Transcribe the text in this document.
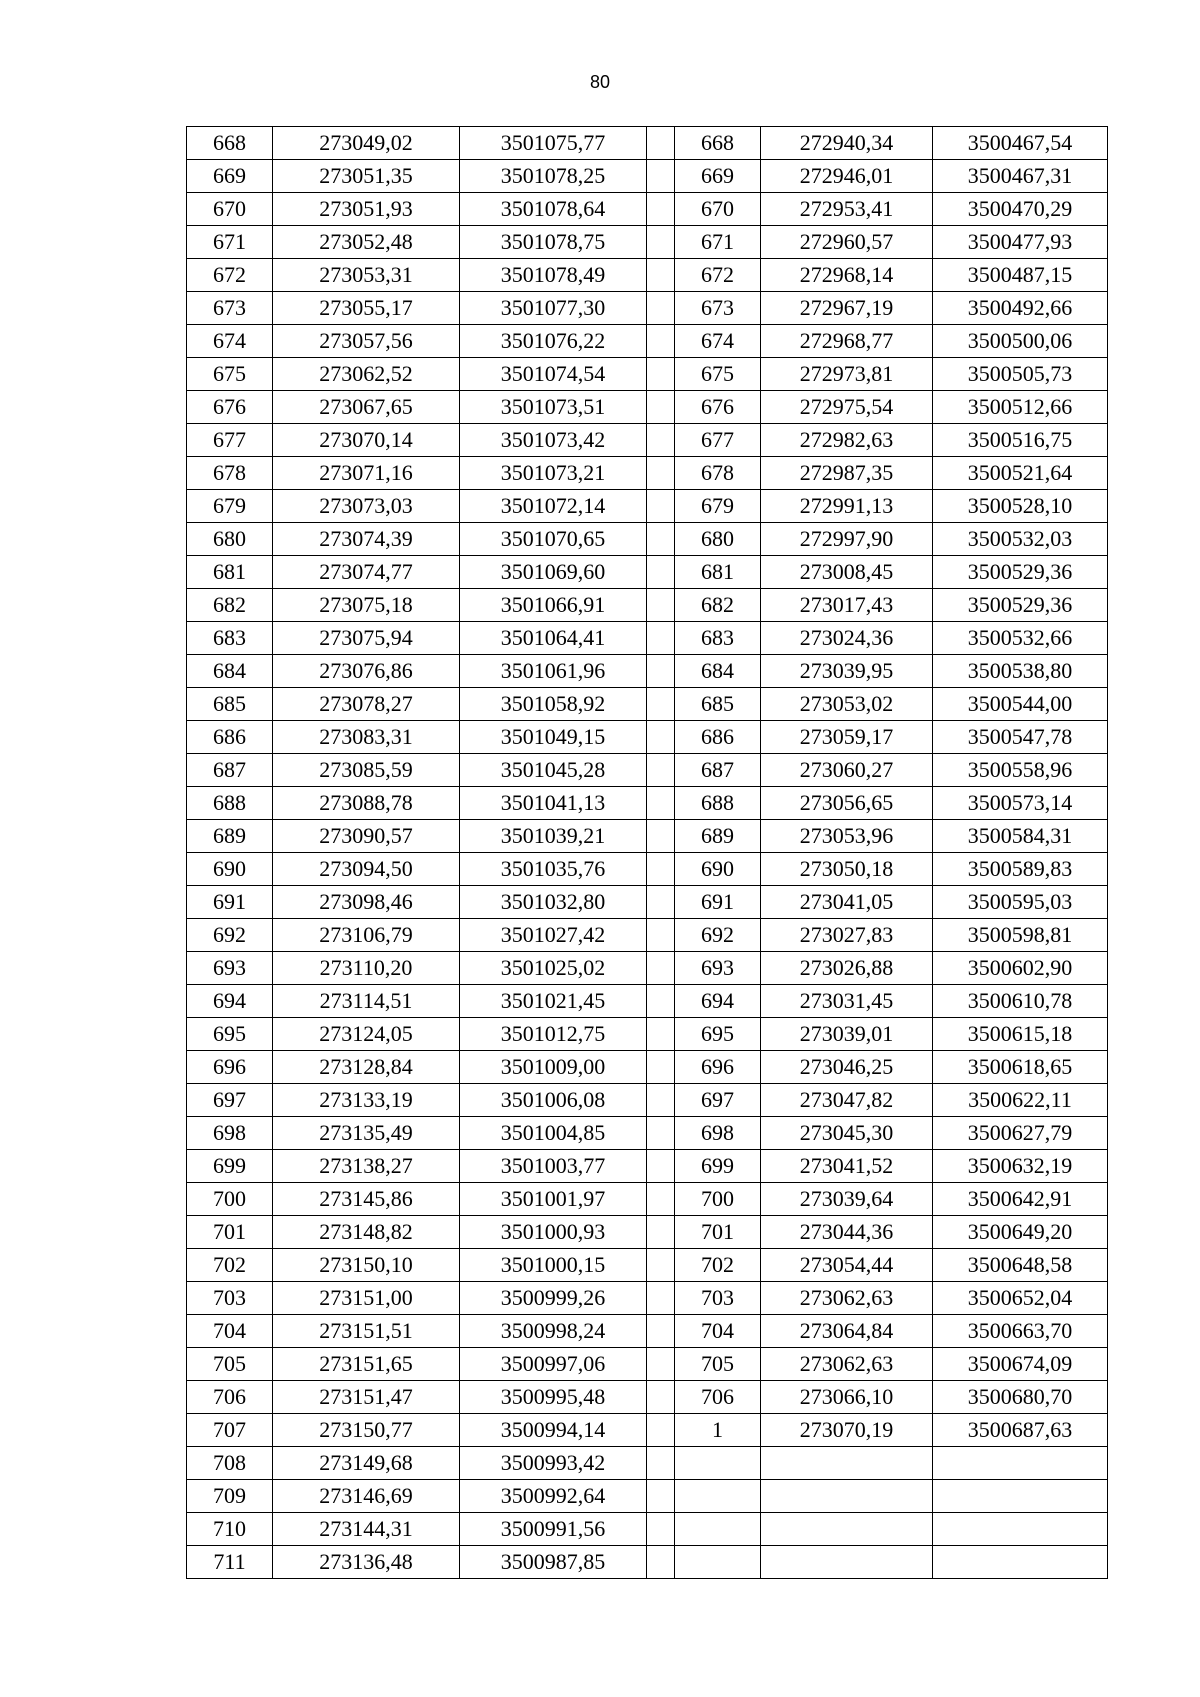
80
668	273049,02	3501075,77		668	272940,34	3500467,54
669	273051,35	3501078,25		669	272946,01	3500467,31
670	273051,93	3501078,64		670	272953,41	3500470,29
671	273052,48	3501078,75		671	272960,57	3500477,93
672	273053,31	3501078,49		672	272968,14	3500487,15
673	273055,17	3501077,30		673	272967,19	3500492,66
674	273057,56	3501076,22		674	272968,77	3500500,06
675	273062,52	3501074,54		675	272973,81	3500505,73
676	273067,65	3501073,51		676	272975,54	3500512,66
677	273070,14	3501073,42		677	272982,63	3500516,75
678	273071,16	3501073,21		678	272987,35	3500521,64
679	273073,03	3501072,14		679	272991,13	3500528,10
680	273074,39	3501070,65		680	272997,90	3500532,03
681	273074,77	3501069,60		681	273008,45	3500529,36
682	273075,18	3501066,91		682	273017,43	3500529,36
683	273075,94	3501064,41		683	273024,36	3500532,66
684	273076,86	3501061,96		684	273039,95	3500538,80
685	273078,27	3501058,92		685	273053,02	3500544,00
686	273083,31	3501049,15		686	273059,17	3500547,78
687	273085,59	3501045,28		687	273060,27	3500558,96
688	273088,78	3501041,13		688	273056,65	3500573,14
689	273090,57	3501039,21		689	273053,96	3500584,31
690	273094,50	3501035,76		690	273050,18	3500589,83
691	273098,46	3501032,80		691	273041,05	3500595,03
692	273106,79	3501027,42		692	273027,83	3500598,81
693	273110,20	3501025,02		693	273026,88	3500602,90
694	273114,51	3501021,45		694	273031,45	3500610,78
695	273124,05	3501012,75		695	273039,01	3500615,18
696	273128,84	3501009,00		696	273046,25	3500618,65
697	273133,19	3501006,08		697	273047,82	3500622,11
698	273135,49	3501004,85		698	273045,30	3500627,79
699	273138,27	3501003,77		699	273041,52	3500632,19
700	273145,86	3501001,97		700	273039,64	3500642,91
701	273148,82	3501000,93		701	273044,36	3500649,20
702	273150,10	3501000,15		702	273054,44	3500648,58
703	273151,00	3500999,26		703	273062,63	3500652,04
704	273151,51	3500998,24		704	273064,84	3500663,70
705	273151,65	3500997,06		705	273062,63	3500674,09
706	273151,47	3500995,48		706	273066,10	3500680,70
707	273150,77	3500994,14		1	273070,19	3500687,63
708	273149,68	3500993,42				
709	273146,69	3500992,64				
710	273144,31	3500991,56				
711	273136,48	3500987,85				
